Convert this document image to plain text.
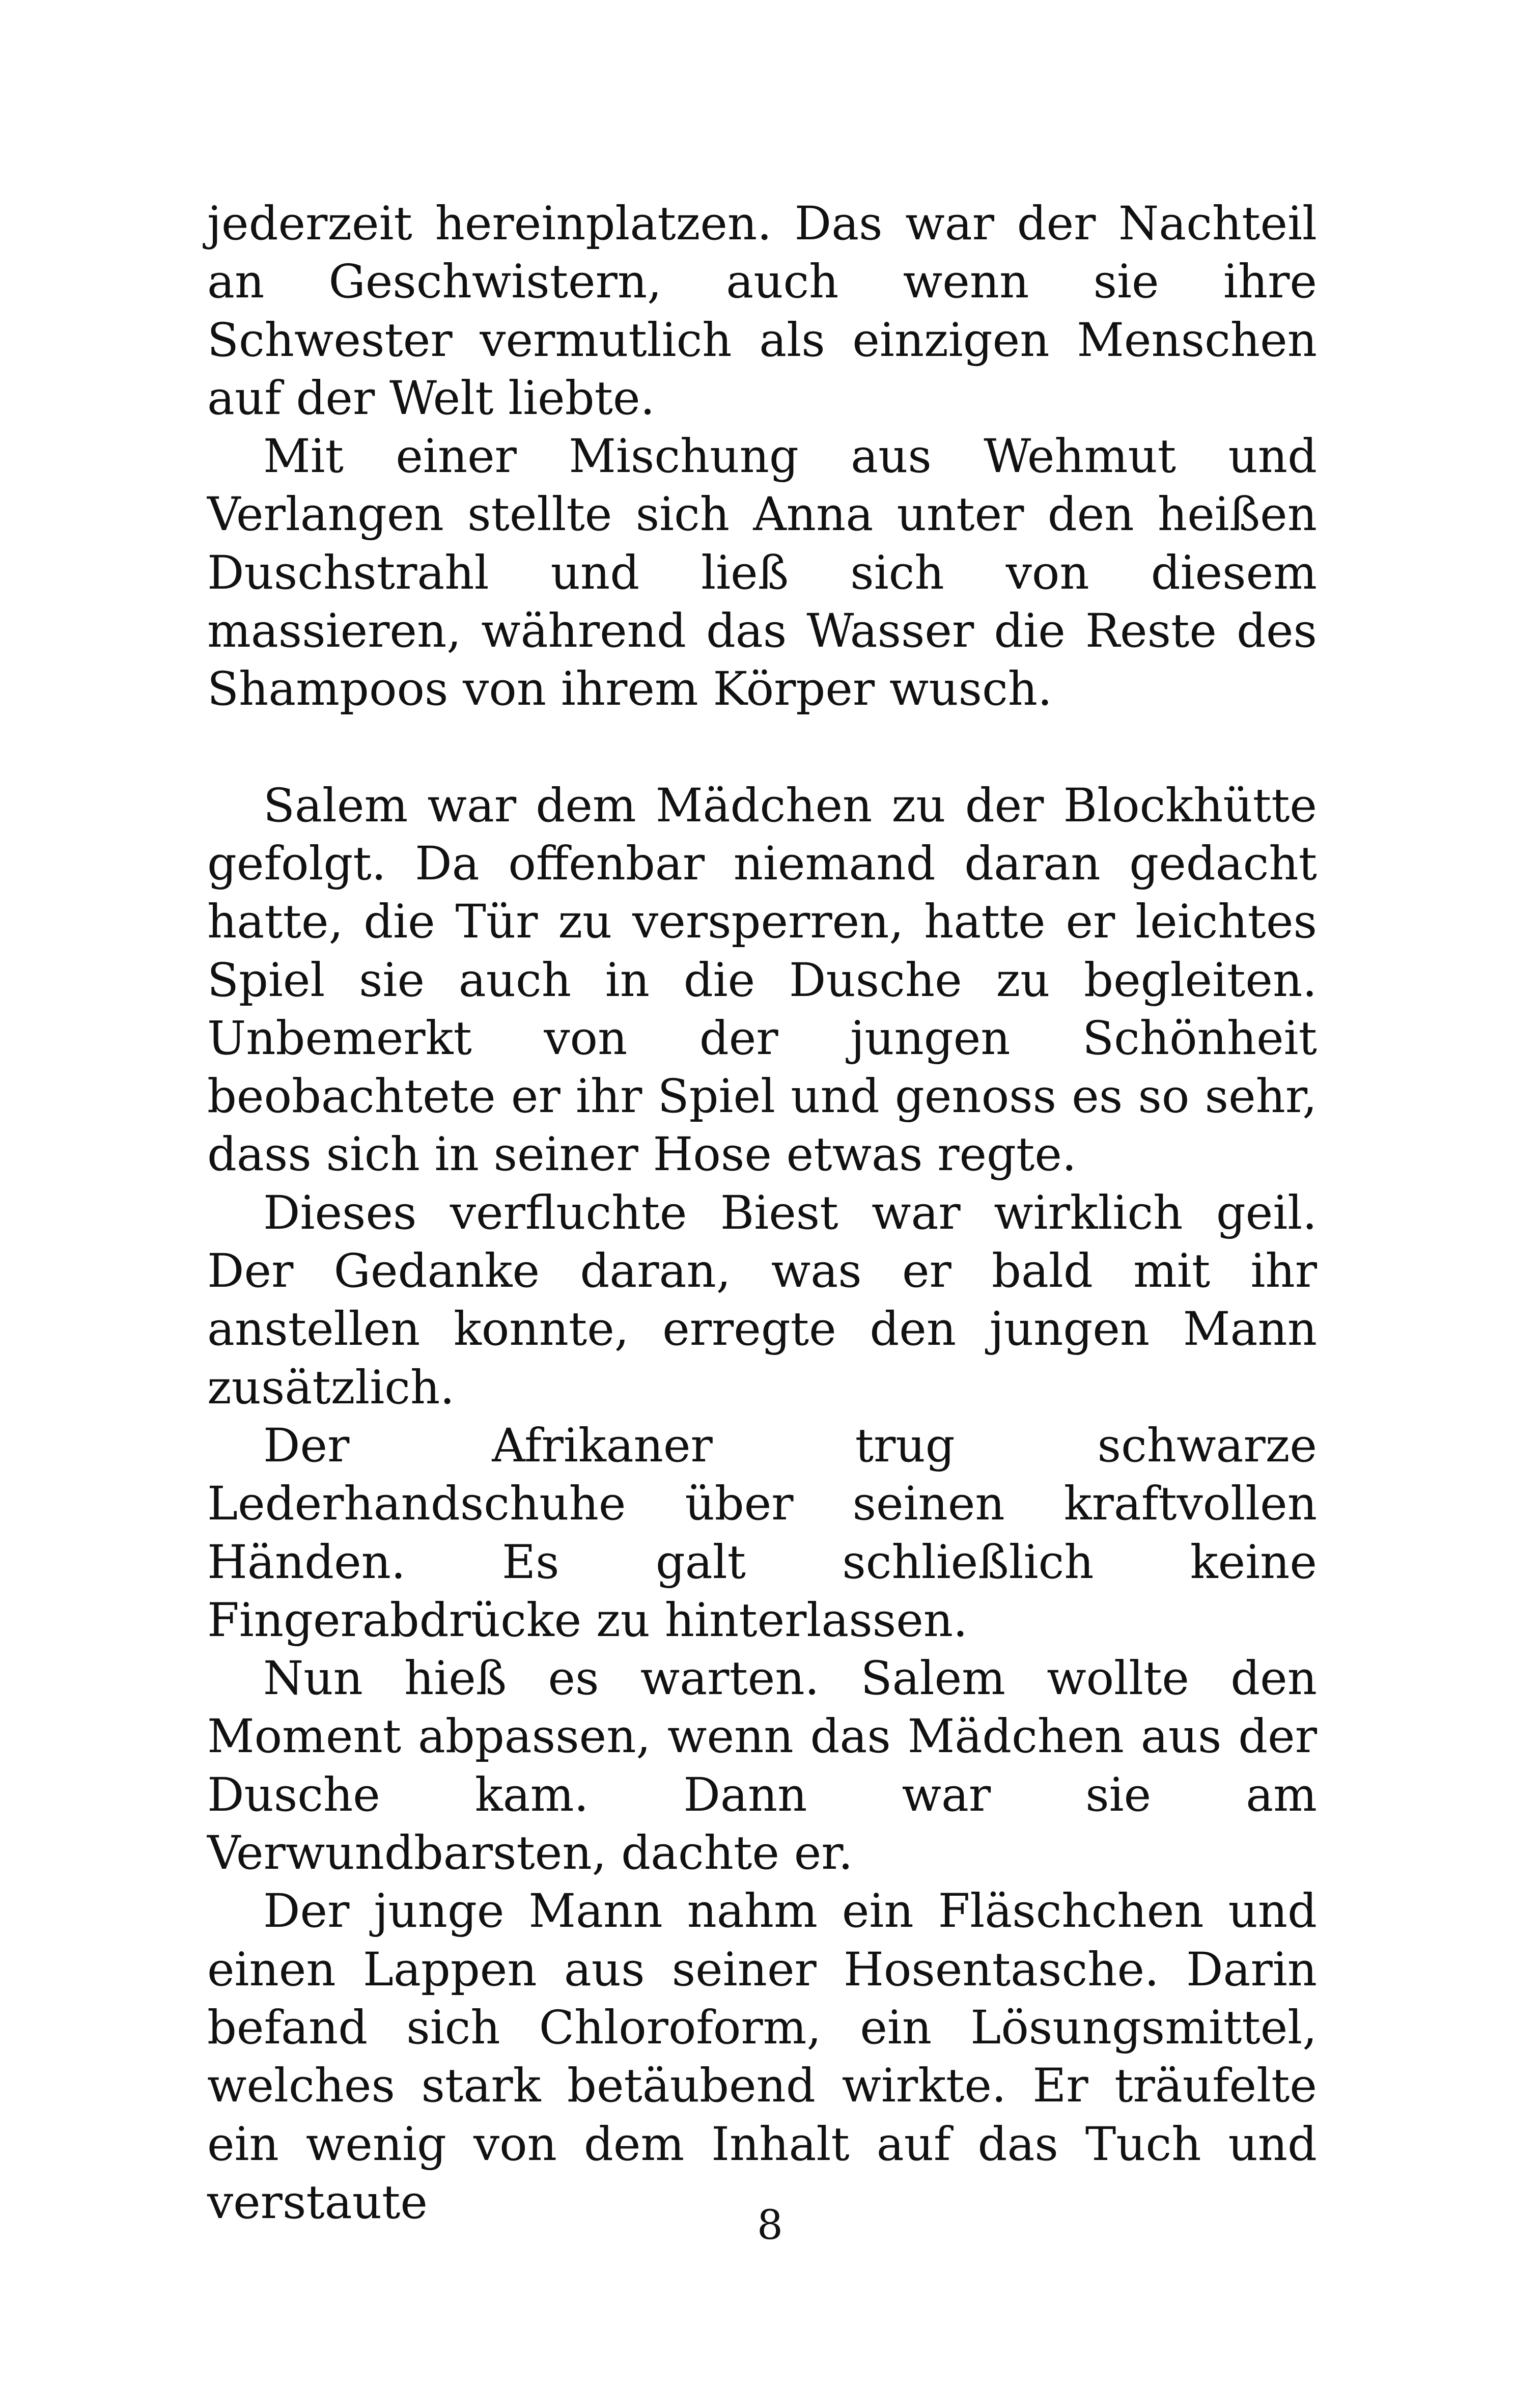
jederzeit hereinplatzen. Das war der Nachteil an Geschwistern, auch wenn sie ihre Schwester vermutlich als einzigen Menschen auf der Welt liebte.

Mit einer Mischung aus Wehmut und Verlangen stellte sich Anna unter den heißen Duschstrahl und ließ sich von diesem massieren, während das Wasser die Reste des Shampoos von ihrem Körper wusch.

Salem war dem Mädchen zu der Blockhütte gefolgt. Da offenbar niemand daran gedacht hatte, die Tür zu versperren, hatte er leichtes Spiel sie auch in die Dusche zu begleiten. Unbemerkt von der jungen Schönheit beobachtete er ihr Spiel und genoss es so sehr, dass sich in seiner Hose etwas regte.

Dieses verfluchte Biest war wirklich geil. Der Gedanke daran, was er bald mit ihr anstellen konnte, erregte den jungen Mann zusätzlich.

Der Afrikaner trug schwarze Lederhandschuhe über seinen kraftvollen Händen. Es galt schließlich keine Fingerabdrücke zu hinterlassen.

Nun hieß es warten. Salem wollte den Moment abpassen, wenn das Mädchen aus der Dusche kam. Dann war sie am Verwundbarsten, dachte er.

Der junge Mann nahm ein Fläschchen und einen Lappen aus seiner Hosentasche. Darin befand sich Chloroform, ein Lösungsmittel, welches stark betäubend wirkte. Er träufelte ein wenig von dem Inhalt auf das Tuch und verstaute	8
